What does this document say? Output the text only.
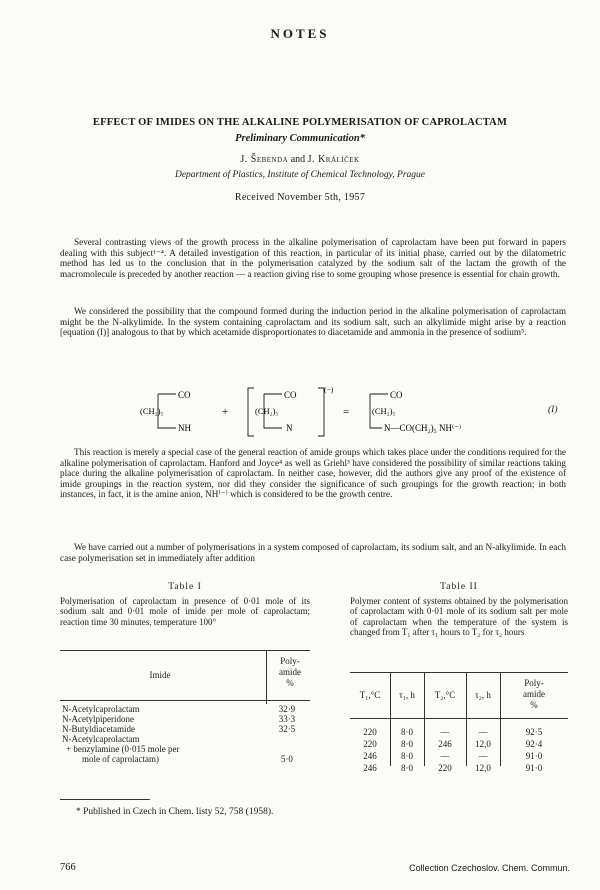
NOTES
EFFECT OF IMIDES ON THE ALKALINE POLYMERISATION OF CAPROLACTAM
Preliminary Communication*
J. Šebenda and J. Králíček
Department of Plastics, Institute of Chemical Technology, Prague
Received November 5th, 1957
Several contrasting views of the growth process in the alkaline polymerisation of caprolactam have been put forward in papers dealing with this subject¹⁻⁴. A detailed investigation of this reaction, in particular of its initial phase, carried out by the dilatometric method has led us to the conclusion that in the polymerisation catalyzed by the sodium salt of the lactam the growth of the macromolecule is preceded by another reaction — a reaction giving rise to some grouping whose presence is essential for chain growth.
We considered the possibility that the compound formed during the induction period in the alkaline polymerisation of caprolactam might be the N-alkylimide. In the system containing caprolactam and its sodium salt, such an alkylimide might arise by a reaction [equation (I)] analogous to that by which acetamide disproportionates to diacetamide and ammonia in the presence of sodium⁵.
CO
(CH₂)₅
NH
+
CO
(CH₂)₅
N
(−)
=
CO
(CH₂)₅
N—CO(CH₂)₅ NH⁽⁻⁾
(I)
This reaction is merely a special case of the general reaction of amide groups which takes place under the conditions required for the alkaline polymerisation of caprolactam. Hanford and Joyce⁴ as well as Griehl³ have considered the possibility of similar reactions taking place during the alkaline polymerisation of caprolactam. In neither case, however, did the authors give any proof of the existence of imide groupings in the reaction system, nor did they consider the significance of such groupings for the growth reaction; in both instances, in fact, it is the amine anion, NH⁽⁻⁾ which is considered to be the growth centre.
We have carried out a number of polymerisations in a system composed of caprolactam, its sodium salt, and an N-alkylimide. In each case polymerisation set in immediately after addition
Table I
Polymerisation of caprolactam in presence of 0·01 mole of its sodium salt and 0·01 mole of imide per mole of caprolactam; reaction time 30 minutes, temperature 100°
Imide
Poly-
amide
%
N-Acetylcaprolactam	32·9
N-Acetylpiperidone	33·3
N-Butyldiacetamide	32·5
N-Acetylcaprolactam	
+ benzylamine (0·015 mole per	
mole of caprolactam)	5·0
Table II
Polymer content of systems obtained by the polymerisation of caprolactam with 0·01 mole of its sodium salt per mole of caprolactam when the temperature of the system is changed from T₁ after τ₁ hours to T₂ for τ₂ hours
T₁,°C	τ₁, h	T₂,°C	τ₂, h
Poly-
amide
%
220	8·0	—	—	92·5
220	8·0	246	12,0	92·4
246	8·0	—	—	91·0
246	8·0	220	12,0	91·0
* Published in Czech in Chem. listy 52, 758 (1958).
766	Collection Czechoslov. Chem. Commun.
